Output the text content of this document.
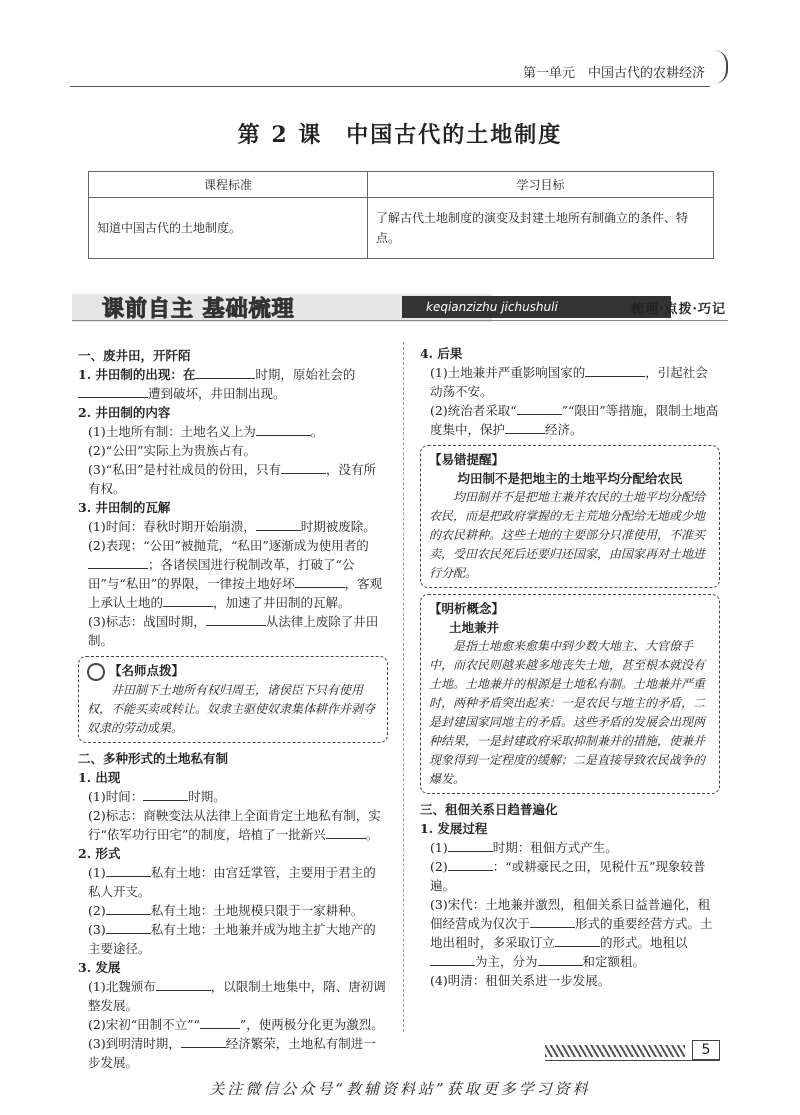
第一单元　中国古代的农耕经济
第 2 课　中国古代的土地制度
课程标准	学习目标
知道中国古代的土地制度。	了解古代土地制度的演变及封建土地所有制确立的条件、特点。
课前自主 基础梳理	keqianzizhu jichushuli	梳理·点拨·巧记
一、废井田，开阡陌
1. 井田制的出现：在	时期，原始社会的遭到破坏，井田制出现。
2. 井田制的内容
(1)土地所有制：土地名义上为	。
(2)“公田”实际上为贵族占有。
(3)“私田”是村社成员的份田，只有	，没有所有权。
3. 井田制的瓦解
(1)时间：春秋时期开始崩溃，	时期被废除。
(2)表现：“公田”被抛荒，“私田”逐渐成为使用者的；各诸侯国进行税制改革，打破了“公田”与“私田”的界限，一律按土地好坏	，客观上承认土地的	，加速了井田制的瓦解。
(3)标志：战国时期，	从法律上废除了井田制。
【名师点拨】
井田制下土地所有权归周王，诸侯臣下只有使用权，不能买卖或转让。奴隶主驱使奴隶集体耕作并剥夺奴隶的劳动成果。
二、多种形式的土地私有制
1. 出现
(1)时间：	时期。
(2)标志：商鞅变法从法律上全面肯定土地私有制，实行“依军功行田宅”的制度，培植了一批新兴	。
2. 形式
(1)	私有土地：由宫廷掌管，主要用于君主的私人开支。
(2)	私有土地：土地规模只限于一家耕种。
(3)	私有土地：土地兼并成为地主扩大地产的主要途径。
3. 发展
(1)北魏颁布	，以限制土地集中，隋、唐初调整发展。
(2)宋初“田制不立”“	”，使两极分化更为激烈。
(3)到明清时期，	经济繁荣，土地私有制进一步发展。
4. 后果
(1)土地兼并严重影响国家的	，引起社会动荡不安。
(2)统治者采取“	”“限田”等措施，限制土地高度集中，保护	经济。
【易错提醒】
均田制不是把地主的土地平均分配给农民
均田制并不是把地主兼并农民的土地平均分配给农民，而是把政府掌握的无主荒地分配给无地或少地的农民耕种。这些土地的主要部分只准使用，不准买卖，受田农民死后还要归还国家，由国家再对土地进行分配。
【明析概念】
土地兼并
是指土地愈来愈集中到少数大地主、大官僚手中，而农民则越来越多地丧失土地，甚至根本就没有土地。土地兼并的根源是土地私有制。土地兼并严重时，两种矛盾突出起来：一是农民与地主的矛盾，二是封建国家同地主的矛盾。这些矛盾的发展会出现两种结果，一是封建政府采取抑制兼并的措施，使兼并现象得到一定程度的缓解；二是直接导致农民战争的爆发。
三、租佃关系日趋普遍化
1. 发展过程
(1)	时期：租佃方式产生。
(2)	：“或耕豪民之田，见税什五”现象较普遍。
(3)宋代：土地兼并激烈，租佃关系日益普遍化，租佃经营成为仅次于	形式的重要经营方式。土地出租时，多采取订立	的形式。地租以为主，分为	和定额租。
(4)明清：租佃关系进一步发展。
5
关注微信公众号“教辅资料站”获取更多学习资料
